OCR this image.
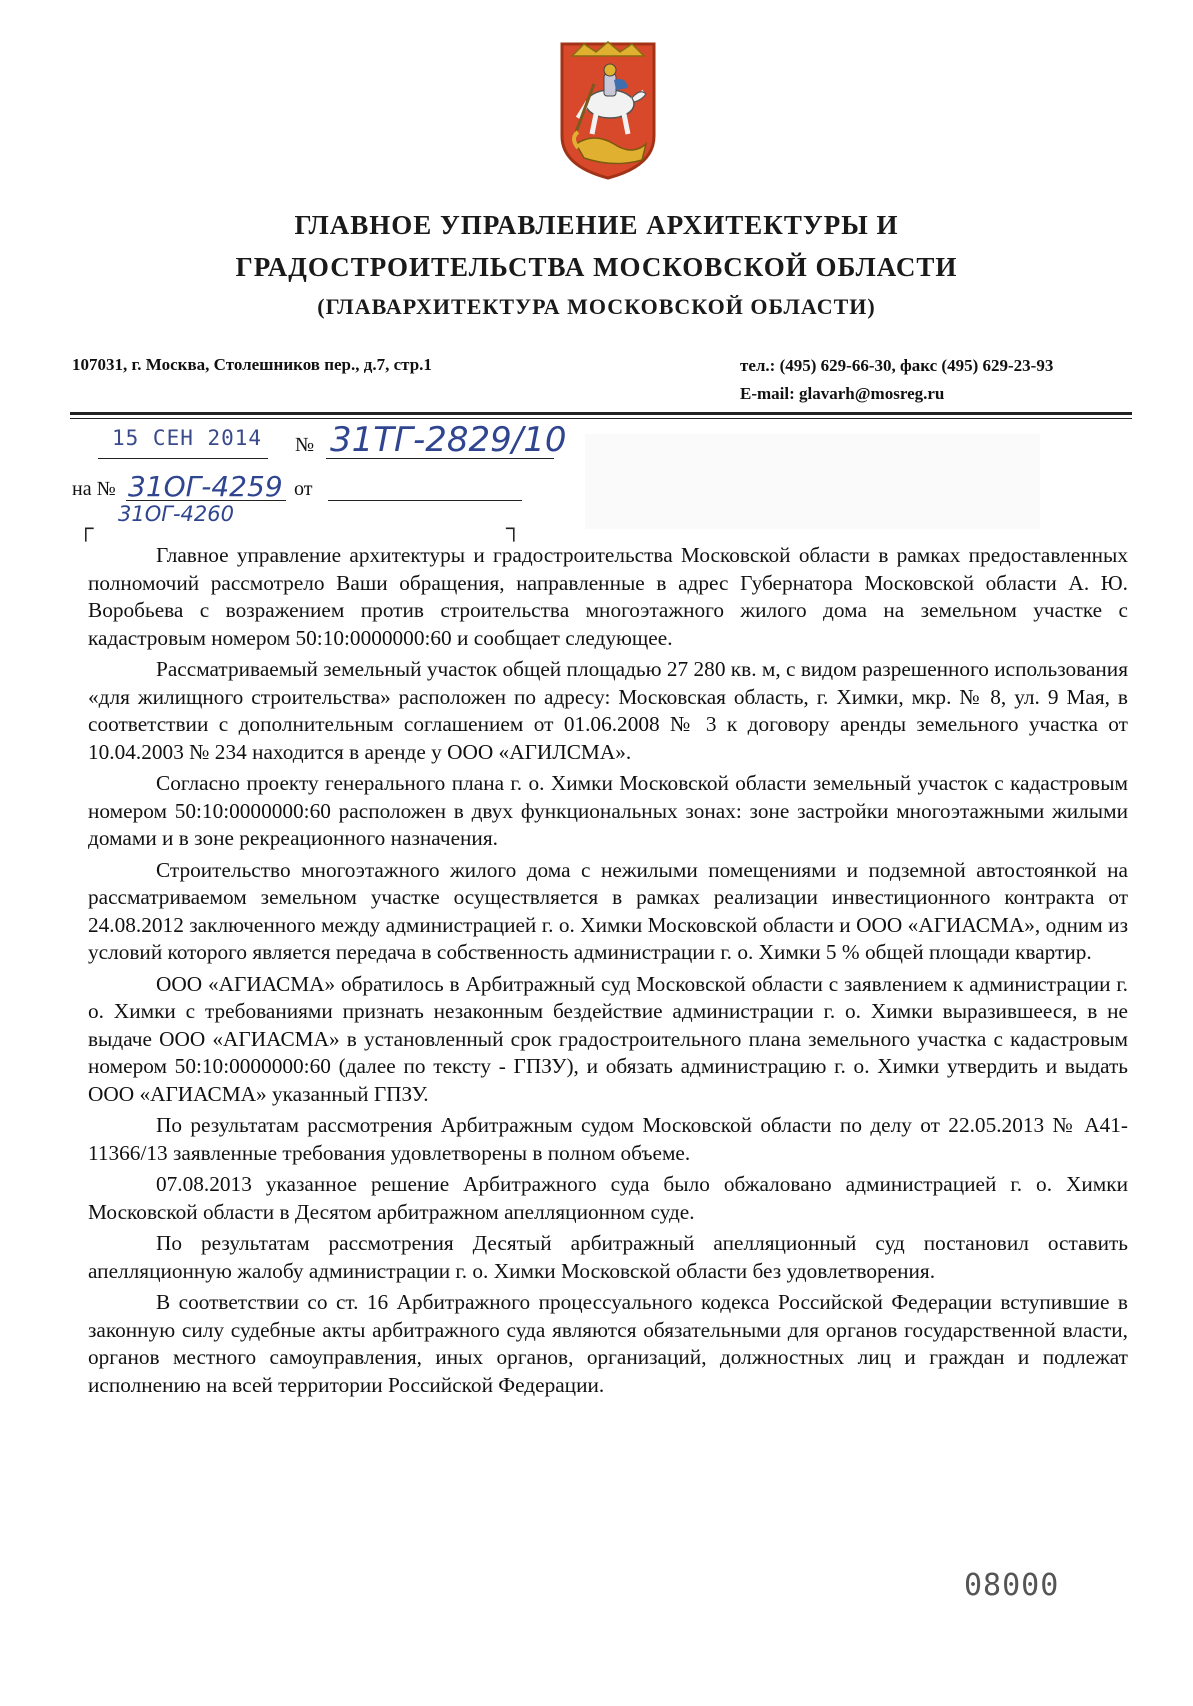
ГЛАВНОЕ УПРАВЛЕНИЕ АРХИТЕКТУРЫ И
ГРАДОСТРОИТЕЛЬСТВА МОСКОВСКОЙ ОБЛАСТИ
(ГЛАВАРХИТЕКТУРА МОСКОВСКОЙ ОБЛАСТИ)
107031, г. Москва, Столешников пер., д.7, стр.1	тел.: (495) 629-66-30, факс (495) 629-23-93
E-mail: glavarh@mosreg.ru
15 СЕН 2014 № 31ТГ-2829/10
на № 31ОГ-4259
31ОГ-4260
от
┌	┐

Главное управление архитектуры и градостроительства Московской области в рамках предоставленных полномочий рассмотрело Ваши обращения, направленные в адрес Губернатора Московской области А. Ю. Воробьева с возражением против строительства многоэтажного жилого дома на земельном участке с кадастровым номером 50:10:0000000:60 и сообщает следующее.

Рассматриваемый земельный участок общей площадью 27 280 кв. м, с видом разрешенного использования «для жилищного строительства» расположен по адресу: Московская область, г. Химки, мкр. № 8, ул. 9 Мая, в соответствии с дополнительным соглашением от 01.06.2008 № 3 к договору аренды земельного участка от 10.04.2003 № 234 находится в аренде у ООО «АГИЛСМА».

Согласно проекту генерального плана г. о. Химки Московской области земельный участок с кадастровым номером 50:10:0000000:60 расположен в двух функциональных зонах: зоне застройки многоэтажными жилыми домами и в зоне рекреационного назначения.

Строительство многоэтажного жилого дома с нежилыми помещениями и подземной автостоянкой на рассматриваемом земельном участке осуществляется в рамках реализации инвестиционного контракта от 24.08.2012 заключенного между администрацией г. о. Химки Московской области и ООО «АГИАСМА», одним из условий которого является передача в собственность администрации г. о. Химки 5 % общей площади квартир.

ООО «АГИАСМА» обратилось в Арбитражный суд Московской области с заявлением к администрации г. о. Химки с требованиями признать незаконным бездействие администрации г. о. Химки выразившееся, в не выдаче ООО «АГИАСМА» в установленный срок градостроительного плана земельного участка с кадастровым номером 50:10:0000000:60 (далее по тексту - ГПЗУ), и обязать администрацию г. о. Химки утвердить и выдать ООО «АГИАСМА» указанный ГПЗУ.

По результатам рассмотрения Арбитражным судом Московской области по делу от 22.05.2013 № А41-11366/13 заявленные требования удовлетворены в полном объеме.

07.08.2013 указанное решение Арбитражного суда было обжаловано администрацией г. о. Химки Московской области в Десятом арбитражном апелляционном суде.

По результатам рассмотрения Десятый арбитражный апелляционный суд постановил оставить апелляционную жалобу администрации г. о. Химки Московской области без удовлетворения.

В соответствии со ст. 16 Арбитражного процессуального кодекса Российской Федерации вступившие в законную силу судебные акты арбитражного суда являются обязательными для органов государственной власти, органов местного самоуправления, иных органов, организаций, должностных лиц и граждан и подлежат исполнению на всей территории Российской Федерации.

08000
